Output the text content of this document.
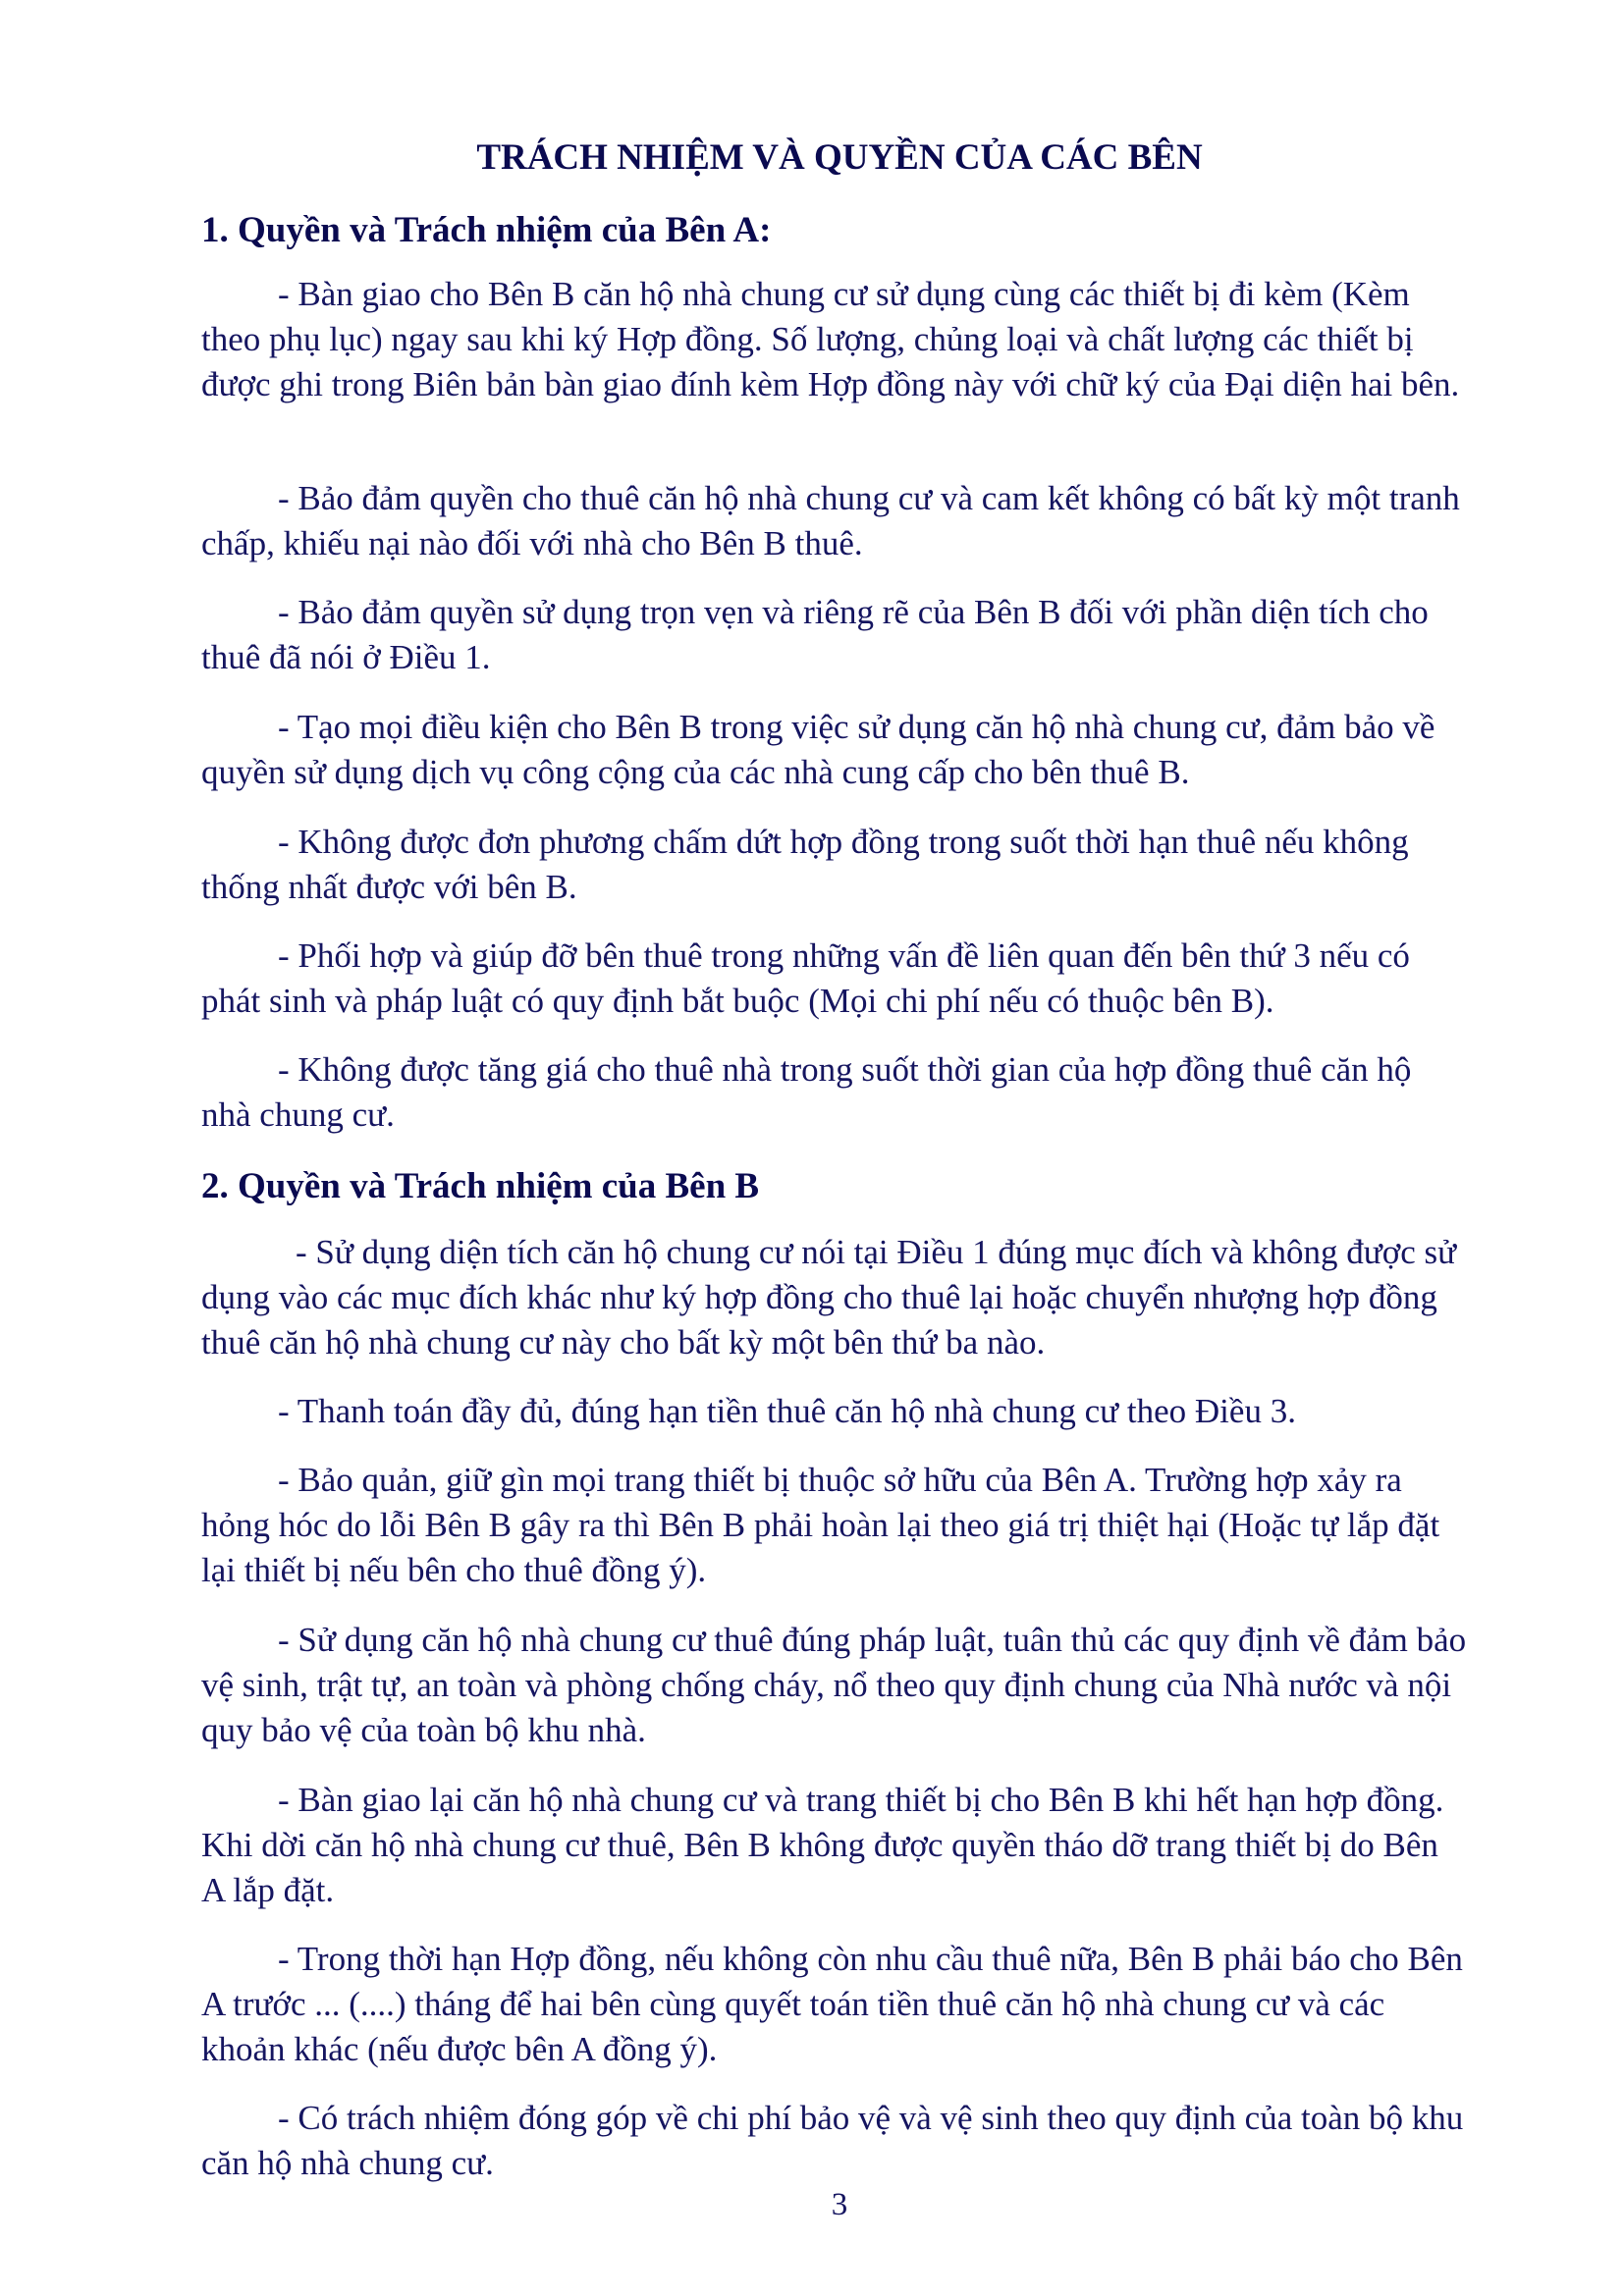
TRÁCH NHIỆM VÀ QUYỀN CỦA CÁC BÊN
1. Quyền và Trách nhiệm của Bên A:
- Bàn giao cho Bên B căn hộ nhà chung cư sử dụng cùng các thiết bị đi kèm (Kèm theo phụ lục) ngay sau khi ký Hợp đồng. Số lượng, chủng loại và chất lượng các thiết bị được ghi trong Biên bản bàn giao đính kèm Hợp đồng này với chữ ký của Đại diện hai bên.
- Bảo đảm quyền cho thuê căn hộ nhà chung cư và cam kết không có bất kỳ một tranh chấp, khiếu nại nào đối với nhà cho Bên B thuê.
- Bảo đảm quyền sử dụng trọn vẹn và riêng rẽ của Bên B đối với phần diện tích cho thuê đã nói ở Điều 1.
- Tạo mọi điều kiện cho Bên B trong việc sử dụng căn hộ nhà chung cư, đảm bảo về quyền sử dụng dịch vụ công cộng của các nhà cung cấp cho bên thuê B.
- Không được đơn phương chấm dứt hợp đồng trong suốt thời hạn thuê nếu không thống nhất được với bên B.
- Phối hợp và giúp đỡ bên thuê trong những vấn đề liên quan đến bên thứ 3 nếu có phát sinh và pháp luật có quy định bắt buộc (Mọi chi phí nếu có thuộc bên B).
- Không được tăng giá cho thuê nhà trong suốt thời gian của hợp đồng thuê căn hộ nhà chung cư.
2. Quyền và Trách nhiệm của Bên B
- Sử dụng diện tích căn hộ chung cư nói tại Điều 1 đúng mục đích và không được sử dụng vào các mục đích khác như ký hợp đồng cho thuê lại hoặc chuyển nhượng hợp đồng thuê căn hộ nhà chung cư này cho bất kỳ một bên thứ ba nào.
- Thanh toán đầy đủ, đúng hạn tiền thuê căn hộ nhà chung cư theo Điều 3.
- Bảo quản, giữ gìn mọi trang thiết bị thuộc sở hữu của Bên A. Trường hợp xảy ra hỏng hóc do lỗi Bên B gây ra thì Bên B phải hoàn lại theo giá trị thiệt hại (Hoặc tự lắp đặt lại thiết bị nếu bên cho thuê đồng ý).
- Sử dụng căn hộ nhà chung cư thuê đúng pháp luật, tuân thủ các quy định về đảm bảo vệ sinh, trật tự, an toàn và phòng chống cháy, nổ theo quy định chung của Nhà nước và nội quy bảo vệ của toàn bộ khu nhà.
- Bàn giao lại căn hộ nhà chung cư và trang thiết bị cho Bên B khi hết hạn hợp đồng. Khi dời căn hộ nhà chung cư thuê, Bên B không được quyền tháo dỡ trang thiết bị do Bên A lắp đặt.
- Trong thời hạn Hợp đồng, nếu không còn nhu cầu thuê nữa, Bên B phải báo cho Bên A trước ... (....) tháng để hai bên cùng quyết toán tiền thuê căn hộ nhà chung cư và các khoản khác (nếu được bên A đồng ý).
- Có trách nhiệm đóng góp về chi phí bảo vệ và vệ sinh theo quy định của toàn bộ khu căn hộ nhà chung cư.
3
